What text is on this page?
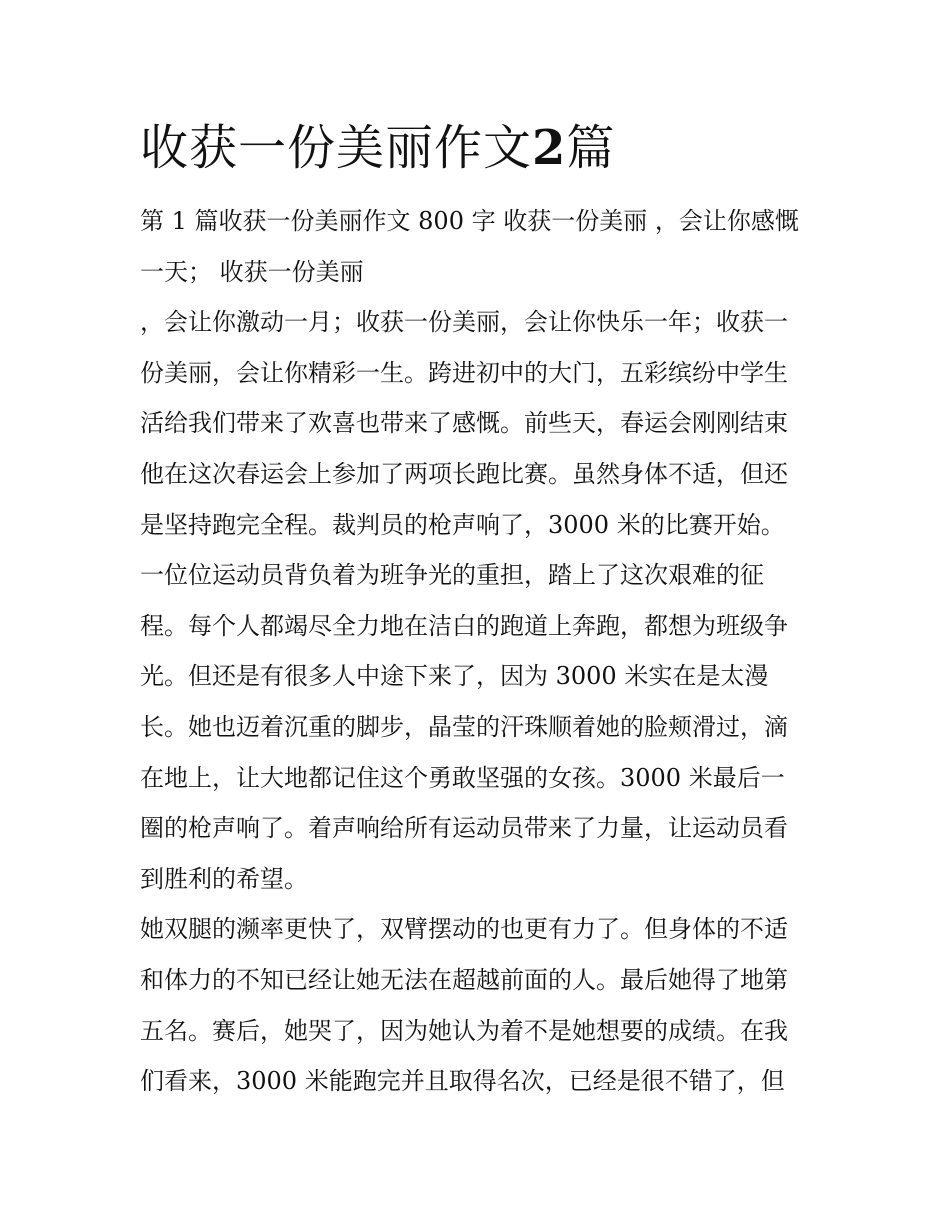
收获一份美丽作文2篇
第 1 篇收获一份美丽作文 800 字 收获一份美丽 ，会让你感慨
一天； 收获一份美丽
，会让你激动一月；收获一份美丽，会让你快乐一年；收获一
份美丽，会让你精彩一生。跨进初中的大门，五彩缤纷中学生
活给我们带来了欢喜也带来了感慨。前些天，春运会刚刚结束
他在这次春运会上参加了两项长跑比赛。虽然身体不适，但还
是坚持跑完全程。裁判员的枪声响了，3000 米的比赛开始。
一位位运动员背负着为班争光的重担，踏上了这次艰难的征
程。每个人都竭尽全力地在洁白的跑道上奔跑，都想为班级争
光。但还是有很多人中途下来了，因为 3000 米实在是太漫
长。她也迈着沉重的脚步，晶莹的汗珠顺着她的脸颊滑过，滴
在地上，让大地都记住这个勇敢坚强的女孩。3000 米最后一
圈的枪声响了。着声响给所有运动员带来了力量，让运动员看
到胜利的希望。
她双腿的濒率更快了，双臂摆动的也更有力了。但身体的不适
和体力的不知已经让她无法在超越前面的人。最后她得了地第
五名。赛后，她哭了，因为她认为着不是她想要的成绩。在我
们看来，3000 米能跑完并且取得名次，已经是很不错了，但
